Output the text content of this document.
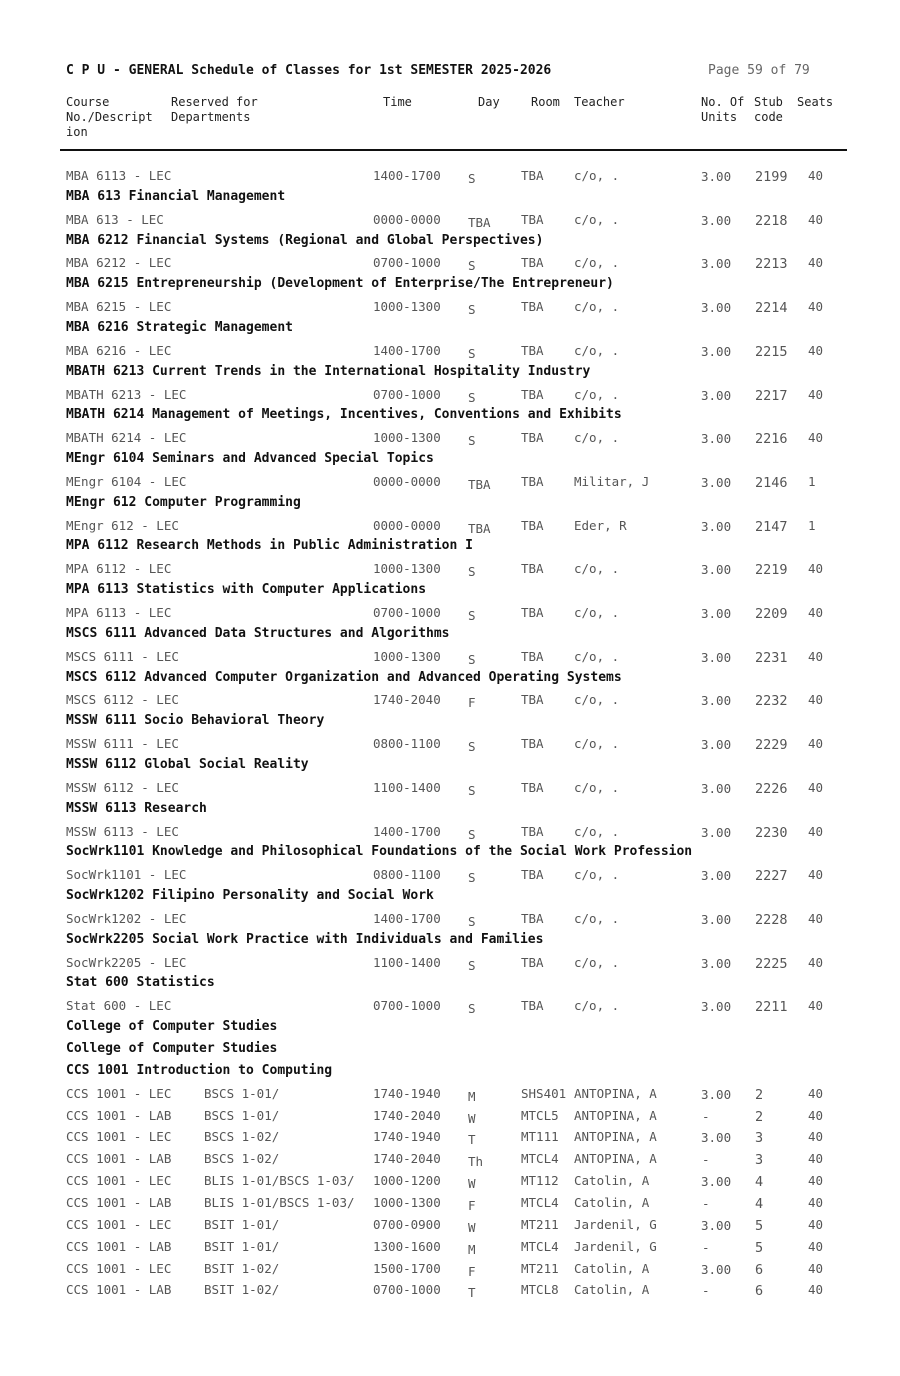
C P U - GENERAL Schedule of Classes for 1st SEMESTER 2025-2026	Page 59 of 79
Course
No./Descript
ion
Reserved for
Departments
Time	Day	Room Teacher	No. Of
Units
Stub
code
Seats
MBA 6113 - LEC	1400-1700 S	TBA c/o, .	3.00 2199 40
MBA 613 Financial Management
MBA 613 - LEC	0000-0000 TBA TBA c/o, .	3.00 2218 40
MBA 6212 Financial Systems (Regional and Global Perspectives)
MBA 6212 - LEC	0700-1000 S	TBA c/o, .	3.00 2213 40
MBA 6215 Entrepreneurship (Development of Enterprise/The Entrepreneur)
MBA 6215 - LEC	1000-1300 S	TBA c/o, .	3.00 2214 40
MBA 6216 Strategic Management
MBA 6216 - LEC	1400-1700 S	TBA c/o, .	3.00 2215 40
MBATH 6213 Current Trends in the International Hospitality Industry
MBATH 6213 - LEC	0700-1000 S	TBA c/o, .	3.00 2217 40
MBATH 6214 Management of Meetings, Incentives, Conventions and Exhibits
MBATH 6214 - LEC	1000-1300 S	TBA c/o, .	3.00 2216 40
MEngr 6104 Seminars and Advanced Special Topics
MEngr 6104 - LEC	0000-0000 TBA TBA Militar, J	3.00 2146 1
MEngr 612 Computer Programming
MEngr 612 - LEC	0000-0000 TBA TBA Eder, R	3.00 2147 1
MPA 6112 Research Methods in Public Administration I
MPA 6112 - LEC	1000-1300 S	TBA c/o, .	3.00 2219 40
MPA 6113 Statistics with Computer Applications
MPA 6113 - LEC	0700-1000 S	TBA c/o, .	3.00 2209 40
MSCS 6111 Advanced Data Structures and Algorithms
MSCS 6111 - LEC	1000-1300 S	TBA c/o, .	3.00 2231 40
MSCS 6112 Advanced Computer Organization and Advanced Operating Systems
MSCS 6112 - LEC	1740-2040 F	TBA c/o, .	3.00 2232 40
MSSW 6111 Socio Behavioral Theory
MSSW 6111 - LEC	0800-1100 S	TBA c/o, .	3.00 2229 40
MSSW 6112 Global Social Reality
MSSW 6112 - LEC	1100-1400 S	TBA c/o, .	3.00 2226 40
MSSW 6113 Research
MSSW 6113 - LEC	1400-1700 S	TBA c/o, .	3.00 2230 40
SocWrk1101 Knowledge and Philosophical Foundations of the Social Work Profession
SocWrk1101 - LEC	0800-1100 S	TBA c/o, .	3.00 2227 40
SocWrk1202 Filipino Personality and Social Work
SocWrk1202 - LEC	1400-1700 S	TBA c/o, .	3.00 2228 40
SocWrk2205 Social Work Practice with Individuals and Families
SocWrk2205 - LEC	1100-1400 S	TBA c/o, .	3.00 2225 40
Stat 600 Statistics
Stat 600 - LEC	0700-1000 S	TBA c/o, .	3.00 2211 40
College of Computer Studies
College of Computer Studies
CCS 1001 Introduction to Computing
CCS 1001 - LEC	BSCS 1-01/	1740-1940 M	SHS401 ANTOPINA, A	3.00 2	40
CCS 1001 - LAB	BSCS 1-01/	1740-2040 W	MTCL5 ANTOPINA, A	-	2	40
CCS 1001 - LEC	BSCS 1-02/	1740-1940 T	MT111 ANTOPINA, A	3.00 3	40
CCS 1001 - LAB	BSCS 1-02/	1740-2040 Th	MTCL4 ANTOPINA, A	-	3	40
CCS 1001 - LEC	BLIS 1-01/BSCS 1-03/ 1000-1200 W	MT112 Catolin, A	3.00 4	40
CCS 1001 - LAB	BLIS 1-01/BSCS 1-03/ 1000-1300 F	MTCL4 Catolin, A	-	4	40
CCS 1001 - LEC	BSIT 1-01/	0700-0900 W	MT211 Jardenil, G	3.00 5	40
CCS 1001 - LAB	BSIT 1-01/	1300-1600 M	MTCL4 Jardenil, G	-	5	40
CCS 1001 - LEC	BSIT 1-02/	1500-1700 F	MT211 Catolin, A	3.00 6	40
CCS 1001 - LAB	BSIT 1-02/	0700-1000 T	MTCL8 Catolin, A	-	6	40
